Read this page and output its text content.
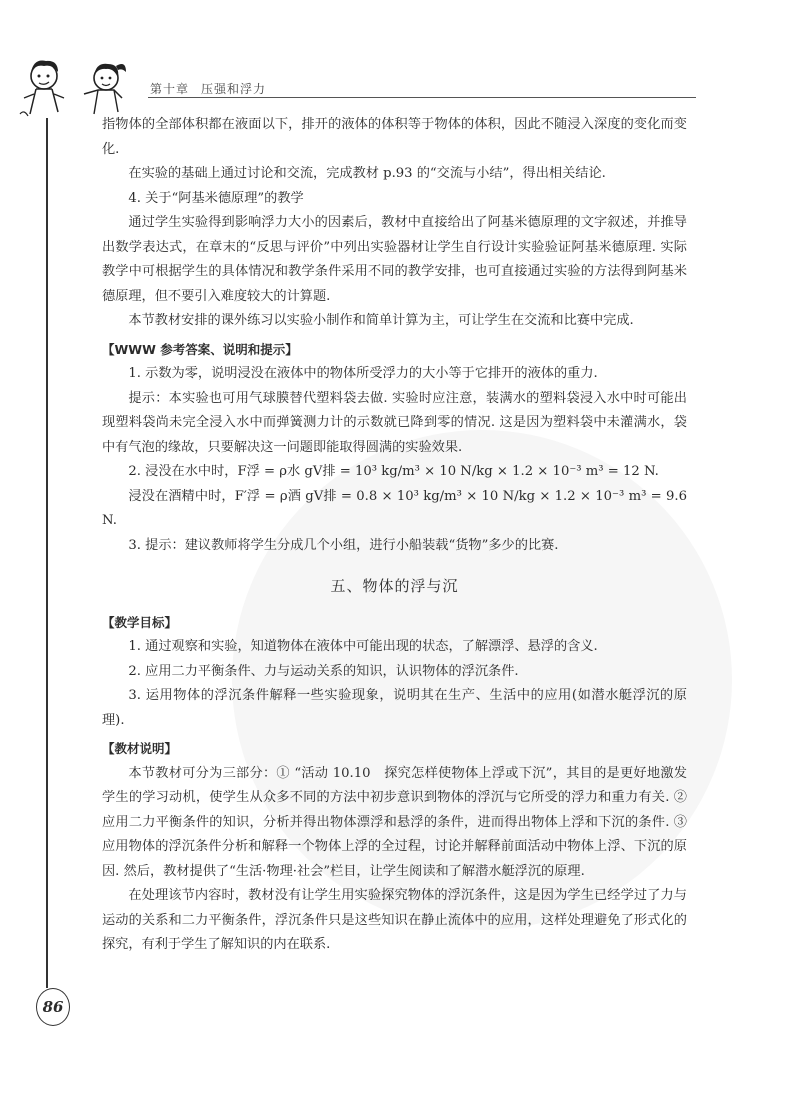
第十章 压强和浮力
86

指物体的全部体积都在液面以下，排开的液体的体积等于物体的体积，因此不随浸入深度的变化而变化.

在实验的基础上通过讨论和交流，完成教材 p.93 的“交流与小结”，得出相关结论.

4. 关于“阿基米德原理”的教学

通过学生实验得到影响浮力大小的因素后，教材中直接给出了阿基米德原理的文字叙述，并推导出数学表达式，在章末的“反思与评价”中列出实验器材让学生自行设计实验验证阿基米德原理. 实际教学中可根据学生的具体情况和教学条件采用不同的教学安排，也可直接通过实验的方法得到阿基米德原理，但不要引入难度较大的计算题.

本节教材安排的课外练习以实验小制作和简单计算为主，可让学生在交流和比赛中完成.

【WWW 参考答案、说明和提示】

1. 示数为零，说明浸没在液体中的物体所受浮力的大小等于它排开的液体的重力.

提示：本实验也可用气球膜替代塑料袋去做. 实验时应注意，装满水的塑料袋浸入水中时可能出现塑料袋尚未完全浸入水中而弹簧测力计的示数就已降到零的情况. 这是因为塑料袋中未灌满水，袋中有气泡的缘故，只要解决这一问题即能取得圆满的实验效果.

2. 浸没在水中时，F浮 = ρ水 gV排 = 10³ kg/m³ × 10 N/kg × 1.2 × 10⁻³ m³ = 12 N.

浸没在酒精中时，F′浮 = ρ酒 gV排 = 0.8 × 10³ kg/m³ × 10 N/kg × 1.2 × 10⁻³ m³ = 9.6 N.

3. 提示：建议教师将学生分成几个小组，进行小船装载“货物”多少的比赛.

五、物体的浮与沉

【教学目标】

1. 通过观察和实验，知道物体在液体中可能出现的状态，了解漂浮、悬浮的含义.

2. 应用二力平衡条件、力与运动关系的知识，认识物体的浮沉条件.

3. 运用物体的浮沉条件解释一些实验现象，说明其在生产、生活中的应用(如潜水艇浮沉的原理).

【教材说明】

本节教材可分为三部分：① “活动 10.10　探究怎样使物体上浮或下沉”，其目的是更好地激发学生的学习动机，使学生从众多不同的方法中初步意识到物体的浮沉与它所受的浮力和重力有关. ② 应用二力平衡条件的知识，分析并得出物体漂浮和悬浮的条件，进而得出物体上浮和下沉的条件. ③ 应用物体的浮沉条件分析和解释一个物体上浮的全过程，讨论并解释前面活动中物体上浮、下沉的原因. 然后，教材提供了“生活·物理·社会”栏目，让学生阅读和了解潜水艇浮沉的原理.

在处理该节内容时，教材没有让学生用实验探究物体的浮沉条件，这是因为学生已经学过了力与运动的关系和二力平衡条件，浮沉条件只是这些知识在静止流体中的应用，这样处理避免了形式化的探究，有利于学生了解知识的内在联系.
